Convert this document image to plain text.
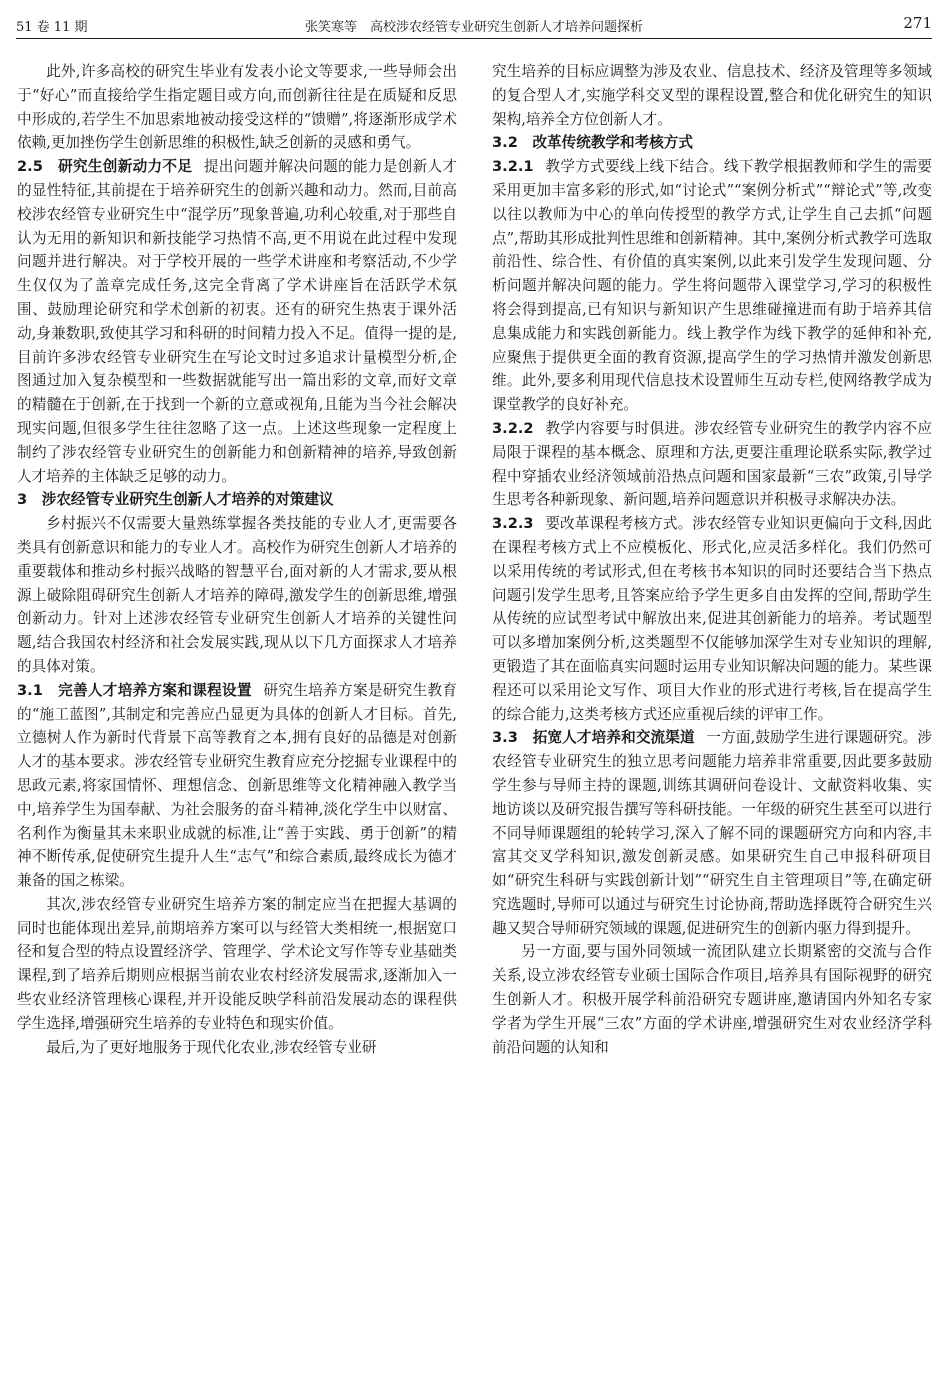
51 卷 11 期	张笑寒等　高校涉农经管专业研究生创新人才培养问题探析	271

此外,许多高校的研究生毕业有发表小论文等要求,一些导师会出于“好心”而直接给学生指定题目或方向,而创新往往是在质疑和反思中形成的,若学生不加思索地被动接受这样的“馈赠”,将逐渐形成学术依赖,更加挫伤学生创新思维的积极性,缺乏创新的灵感和勇气。

2.5　研究生创新动力不足 提出问题并解决问题的能力是创新人才的显性特征,其前提在于培养研究生的创新兴趣和动力。然而,目前高校涉农经管专业研究生中“混学历”现象普遍,功利心较重,对于那些自认为无用的新知识和新技能学习热情不高,更不用说在此过程中发现问题并进行解决。对于学校开展的一些学术讲座和考察活动,不少学生仅仅为了盖章完成任务,这完全背离了学术讲座旨在活跃学术氛围、鼓励理论研究和学术创新的初衷。还有的研究生热衷于课外活动,身兼数职,致使其学习和科研的时间精力投入不足。值得一提的是,目前许多涉农经管专业研究生在写论文时过多追求计量模型分析,企图通过加入复杂模型和一些数据就能写出一篇出彩的文章,而好文章的精髓在于创新,在于找到一个新的立意或视角,且能为当今社会解决现实问题,但很多学生往往忽略了这一点。上述这些现象一定程度上制约了涉农经管专业研究生的创新能力和创新精神的培养,导致创新人才培养的主体缺乏足够的动力。

3　涉农经管专业研究生创新人才培养的对策建议

乡村振兴不仅需要大量熟练掌握各类技能的专业人才,更需要各类具有创新意识和能力的专业人才。高校作为研究生创新人才培养的重要载体和推动乡村振兴战略的智慧平台,面对新的人才需求,要从根源上破除阻碍研究生创新人才培养的障碍,激发学生的创新思维,增强创新动力。针对上述涉农经管专业研究生创新人才培养的关键性问题,结合我国农村经济和社会发展实践,现从以下几方面探求人才培养的具体对策。

3.1　完善人才培养方案和课程设置 研究生培养方案是研究生教育的“施工蓝图”,其制定和完善应凸显更为具体的创新人才目标。首先,立德树人作为新时代背景下高等教育之本,拥有良好的品德是对创新人才的基本要求。涉农经管专业研究生教育应充分挖掘专业课程中的思政元素,将家国情怀、理想信念、创新思维等文化精神融入教学当中,培养学生为国奉献、为社会服务的奋斗精神,淡化学生中以财富、名利作为衡量其未来职业成就的标准,让“善于实践、勇于创新”的精神不断传承,促使研究生提升人生“志气”和综合素质,最终成长为德才兼备的国之栋梁。

其次,涉农经管专业研究生培养方案的制定应当在把握大基调的同时也能体现出差异,前期培养方案可以与经管大类相统一,根据宽口径和复合型的特点设置经济学、管理学、学术论文写作等专业基础类课程,到了培养后期则应根据当前农业农村经济发展需求,逐渐加入一些农业经济管理核心课程,并开设能反映学科前沿发展动态的课程供学生选择,增强研究生培养的专业特色和现实价值。

最后,为了更好地服务于现代化农业,涉农经管专业研

究生培养的目标应调整为涉及农业、信息技术、经济及管理等多领域的复合型人才,实施学科交叉型的课程设置,整合和优化研究生的知识架构,培养全方位创新人才。

3.2　改革传统教学和考核方式

3.2.1 教学方式要线上线下结合。线下教学根据教师和学生的需要采用更加丰富多彩的形式,如“讨论式”“案例分析式”“辩论式”等,改变以往以教师为中心的单向传授型的教学方式,让学生自己去抓“问题点”,帮助其形成批判性思维和创新精神。其中,案例分析式教学可选取前沿性、综合性、有价值的真实案例,以此来引发学生发现问题、分析问题并解决问题的能力。学生将问题带入课堂学习,学习的积极性将会得到提高,已有知识与新知识产生思维碰撞进而有助于培养其信息集成能力和实践创新能力。线上教学作为线下教学的延伸和补充,应聚焦于提供更全面的教育资源,提高学生的学习热情并激发创新思维。此外,要多利用现代信息技术设置师生互动专栏,使网络教学成为课堂教学的良好补充。

3.2.2 教学内容要与时俱进。涉农经管专业研究生的教学内容不应局限于课程的基本概念、原理和方法,更要注重理论联系实际,教学过程中穿插农业经济领域前沿热点问题和国家最新“三农”政策,引导学生思考各种新现象、新问题,培养问题意识并积极寻求解决办法。

3.2.3 要改革课程考核方式。涉农经管专业知识更偏向于文科,因此在课程考核方式上不应模板化、形式化,应灵活多样化。我们仍然可以采用传统的考试形式,但在考核书本知识的同时还要结合当下热点问题引发学生思考,且答案应给予学生更多自由发挥的空间,帮助学生从传统的应试型考试中解放出来,促进其创新能力的培养。考试题型可以多增加案例分析,这类题型不仅能够加深学生对专业知识的理解,更锻造了其在面临真实问题时运用专业知识解决问题的能力。某些课程还可以采用论文写作、项目大作业的形式进行考核,旨在提高学生的综合能力,这类考核方式还应重视后续的评审工作。

3.3　拓宽人才培养和交流渠道 一方面,鼓励学生进行课题研究。涉农经管专业研究生的独立思考问题能力培养非常重要,因此要多鼓励学生参与导师主持的课题,训练其调研问卷设计、文献资料收集、实地访谈以及研究报告撰写等科研技能。一年级的研究生甚至可以进行不同导师课题组的轮转学习,深入了解不同的课题研究方向和内容,丰富其交叉学科知识,激发创新灵感。如果研究生自己申报科研项目如“研究生科研与实践创新计划”“研究生自主管理项目”等,在确定研究选题时,导师可以通过与研究生讨论协商,帮助选择既符合研究生兴趣又契合导师研究领域的课题,促进研究生的创新内驱力得到提升。

另一方面,要与国外同领域一流团队建立长期紧密的交流与合作关系,设立涉农经管专业硕士国际合作项目,培养具有国际视野的研究生创新人才。积极开展学科前沿研究专题讲座,邀请国内外知名专家学者为学生开展“三农”方面的学术讲座,增强研究生对农业经济学科前沿问题的认知和
